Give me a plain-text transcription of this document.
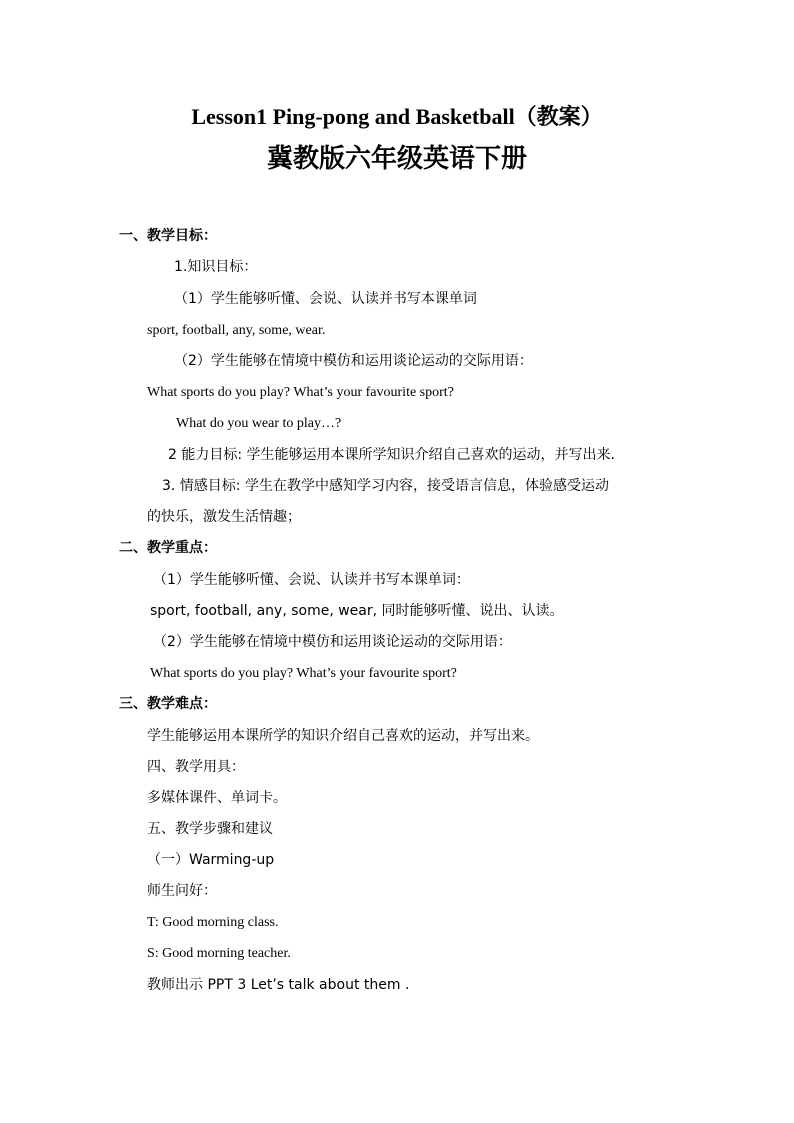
Lesson1 Ping-pong and Basketball（教案）
冀教版六年级英语下册
一、教学目标：
1.知识目标：
（1）学生能够听懂、会说、认读并书写本课单词
sport, football, any, some, wear.
（2）学生能够在情境中模仿和运用谈论运动的交际用语：
What sports do you play? What’s your favourite sport?
What do you wear to play…?
2 能力目标: 学生能够运用本课所学知识介绍自己喜欢的运动，并写出来.
3. 情感目标: 学生在教学中感知学习内容，接受语言信息，体验感受运动
的快乐，激发生活情趣；
二、教学重点：
（1）学生能够听懂、会说、认读并书写本课单词：
sport, football, any, some, wear, 同时能够听懂、说出、认读。
（2）学生能够在情境中模仿和运用谈论运动的交际用语：
What sports do you play? What’s your favourite sport?
三、教学难点：
学生能够运用本课所学的知识介绍自己喜欢的运动，并写出来。
四、教学用具：
多媒体课件、单词卡。
五、教学步骤和建议
（一）Warming-up
师生问好：
T: Good morning class.
S: Good morning teacher.
教师出示 PPT 3 Let’s talk about them .
